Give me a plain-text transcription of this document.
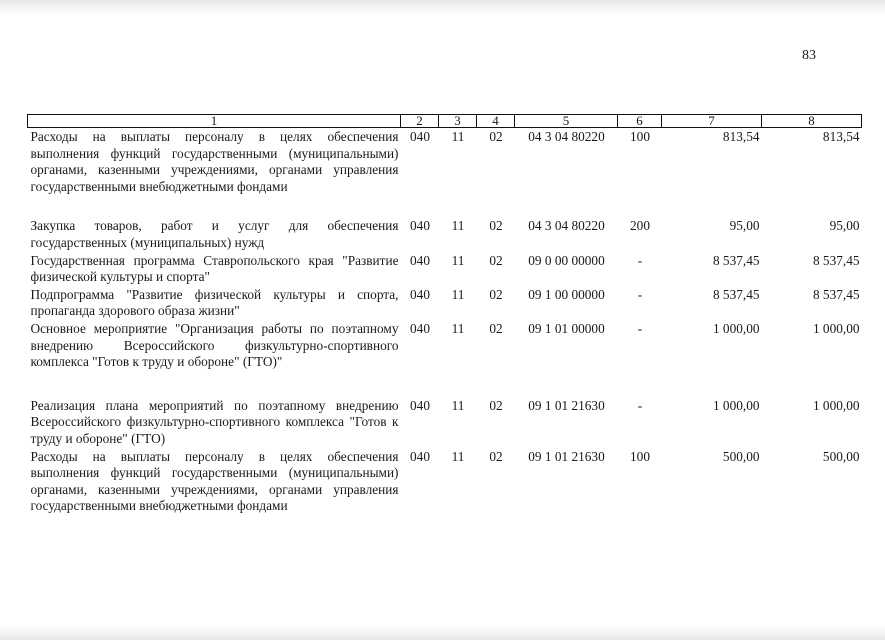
83
1	2	3	4	5	6	7	8
Расходы на выплаты персоналу в целях обеспечения выполнения функций государственными (муниципальными) органами, казенными учреждениями, органами управления государственными внебюджетными фондами	040	11	02	04 3 04 80220	100	813,54	813,54

Закупка товаров, работ и услуг для обеспечения государственных (муниципальных) нужд	040	11	02	04 3 04 80220	200	95,00	95,00
Государственная программа Ставропольского края "Развитие физической культуры и спорта"	040	11	02	09 0 00 00000	-	8 537,45	8 537,45
Подпрограмма "Развитие физической культуры и спорта, пропаганда здорового образа жизни"	040	11	02	09 1 00 00000	-	8 537,45	8 537,45
Основное мероприятие "Организация работы по поэтапному внедрению Всероссийского физкультурно-спортивного комплекса "Готов к труду и обороне" (ГТО)"	040	11	02	09 1 01 00000	-	1 000,00	1 000,00

Реализация плана мероприятий по поэтапному внедрению Всероссийского физкультурно-спортивного комплекса "Готов к труду и обороне" (ГТО)	040	11	02	09 1 01 21630	-	1 000,00	1 000,00
Расходы на выплаты персоналу в целях обеспечения выполнения функций государственными (муниципальными) органами, казенными учреждениями, органами управления государственными внебюджетными фондами	040	11	02	09 1 01 21630	100	500,00	500,00
